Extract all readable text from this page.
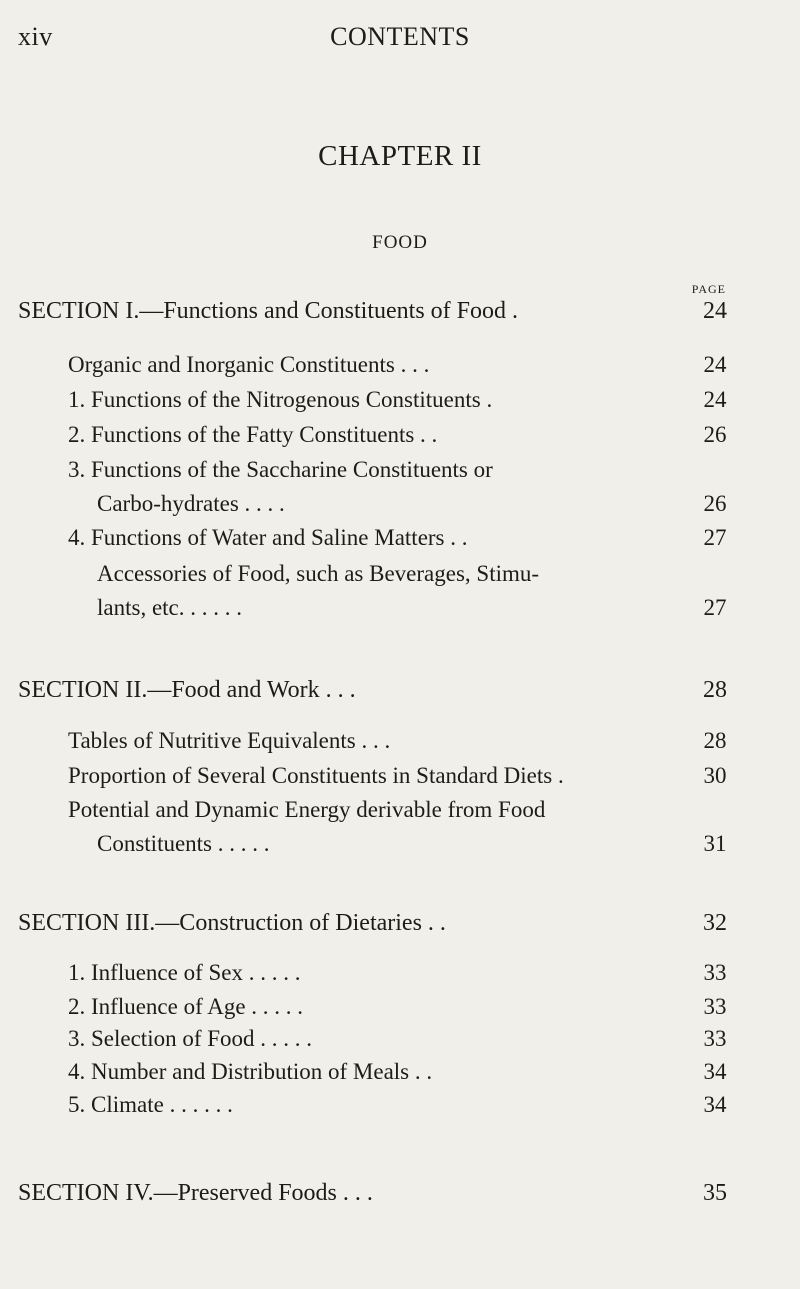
xiv	CONTENTS
CHAPTER II
FOOD
PAGE
SECTION I.—Functions and Constituents of Food .	24
Organic and Inorganic Constituents . . .	24
1. Functions of the Nitrogenous Constituents .	24
2. Functions of the Fatty Constituents . .	26
3. Functions of the Saccharine Constituents or
Carbo-hydrates . . . .	26
4. Functions of Water and Saline Matters . .	27
Accessories of Food, such as Beverages, Stimu-
lants, etc. . . . . .	27
SECTION II.—Food and Work . . .	28
Tables of Nutritive Equivalents . . .	28
Proportion of Several Constituents in Standard Diets .	30
Potential and Dynamic Energy derivable from Food
Constituents . . . . .	31
SECTION III.—Construction of Dietaries . .	32
1. Influence of Sex . . . . .	33
2. Influence of Age . . . . .	33
3. Selection of Food . . . . .	33
4. Number and Distribution of Meals . .	34
5. Climate . . . . . .	34
SECTION IV.—Preserved Foods . . .	35
